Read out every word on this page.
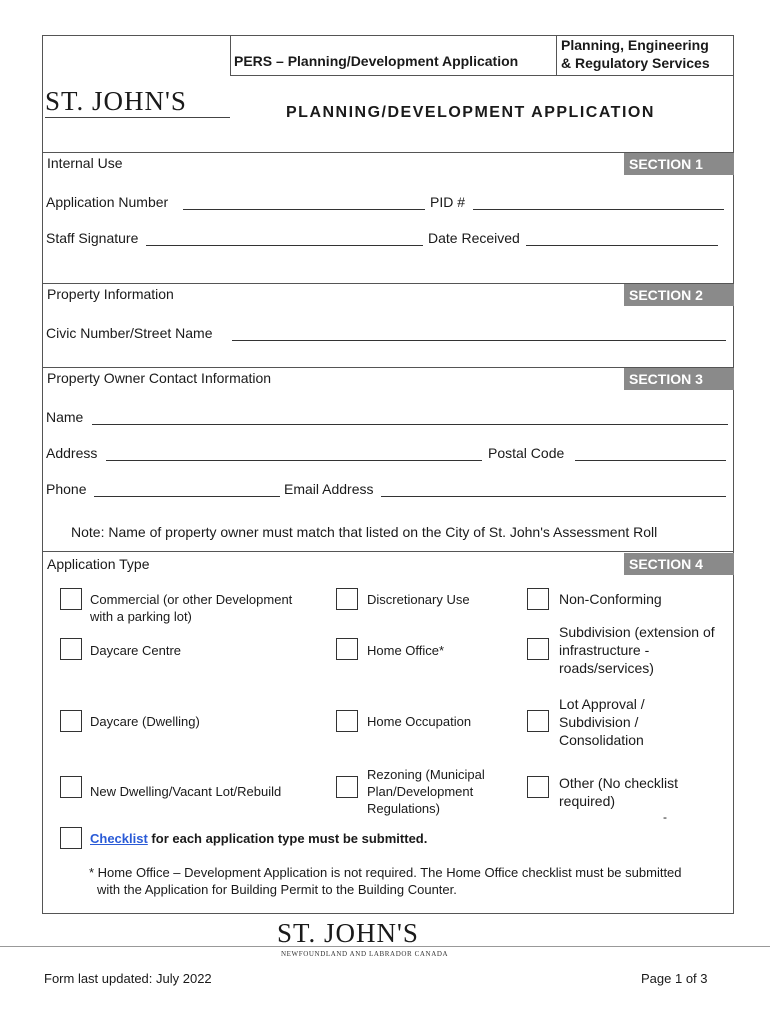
PERS – Planning/Development Application
Planning, Engineering
& Regulatory Services
ST. JOHN'S	PLANNING/DEVELOPMENT APPLICATION
Internal Use	SECTION 1
Application Number	PID #
Staff Signature	Date Received
Property Information	SECTION 2
Civic Number/Street Name
Property Owner Contact Information	SECTION 3
Name
Address	Postal Code
Phone	Email Address
Note: Name of property owner must match that listed on the City of St. John's Assessment Roll
Application Type	SECTION 4
Commercial (or other Development
with a parking lot)
Discretionary Use	Non-Conforming
Daycare Centre	Home Office*
Subdivision (extension of
infrastructure -
roads/services)
Daycare (Dwelling)	Home Occupation
Lot Approval /
Subdivision /
Consolidation
New Dwelling/Vacant Lot/Rebuild
Rezoning (Municipal
Plan/Development
Regulations)
Other (No checklist
required)
-
Checklist for each application type must be submitted.
* Home Office – Development Application is not required. The Home Office checklist must be submitted
with the Application for Building Permit to the Building Counter.
ST. JOHN'S
NEWFOUNDLAND AND LABRADOR CANADA
Form last updated: July 2022	Page 1 of 3
